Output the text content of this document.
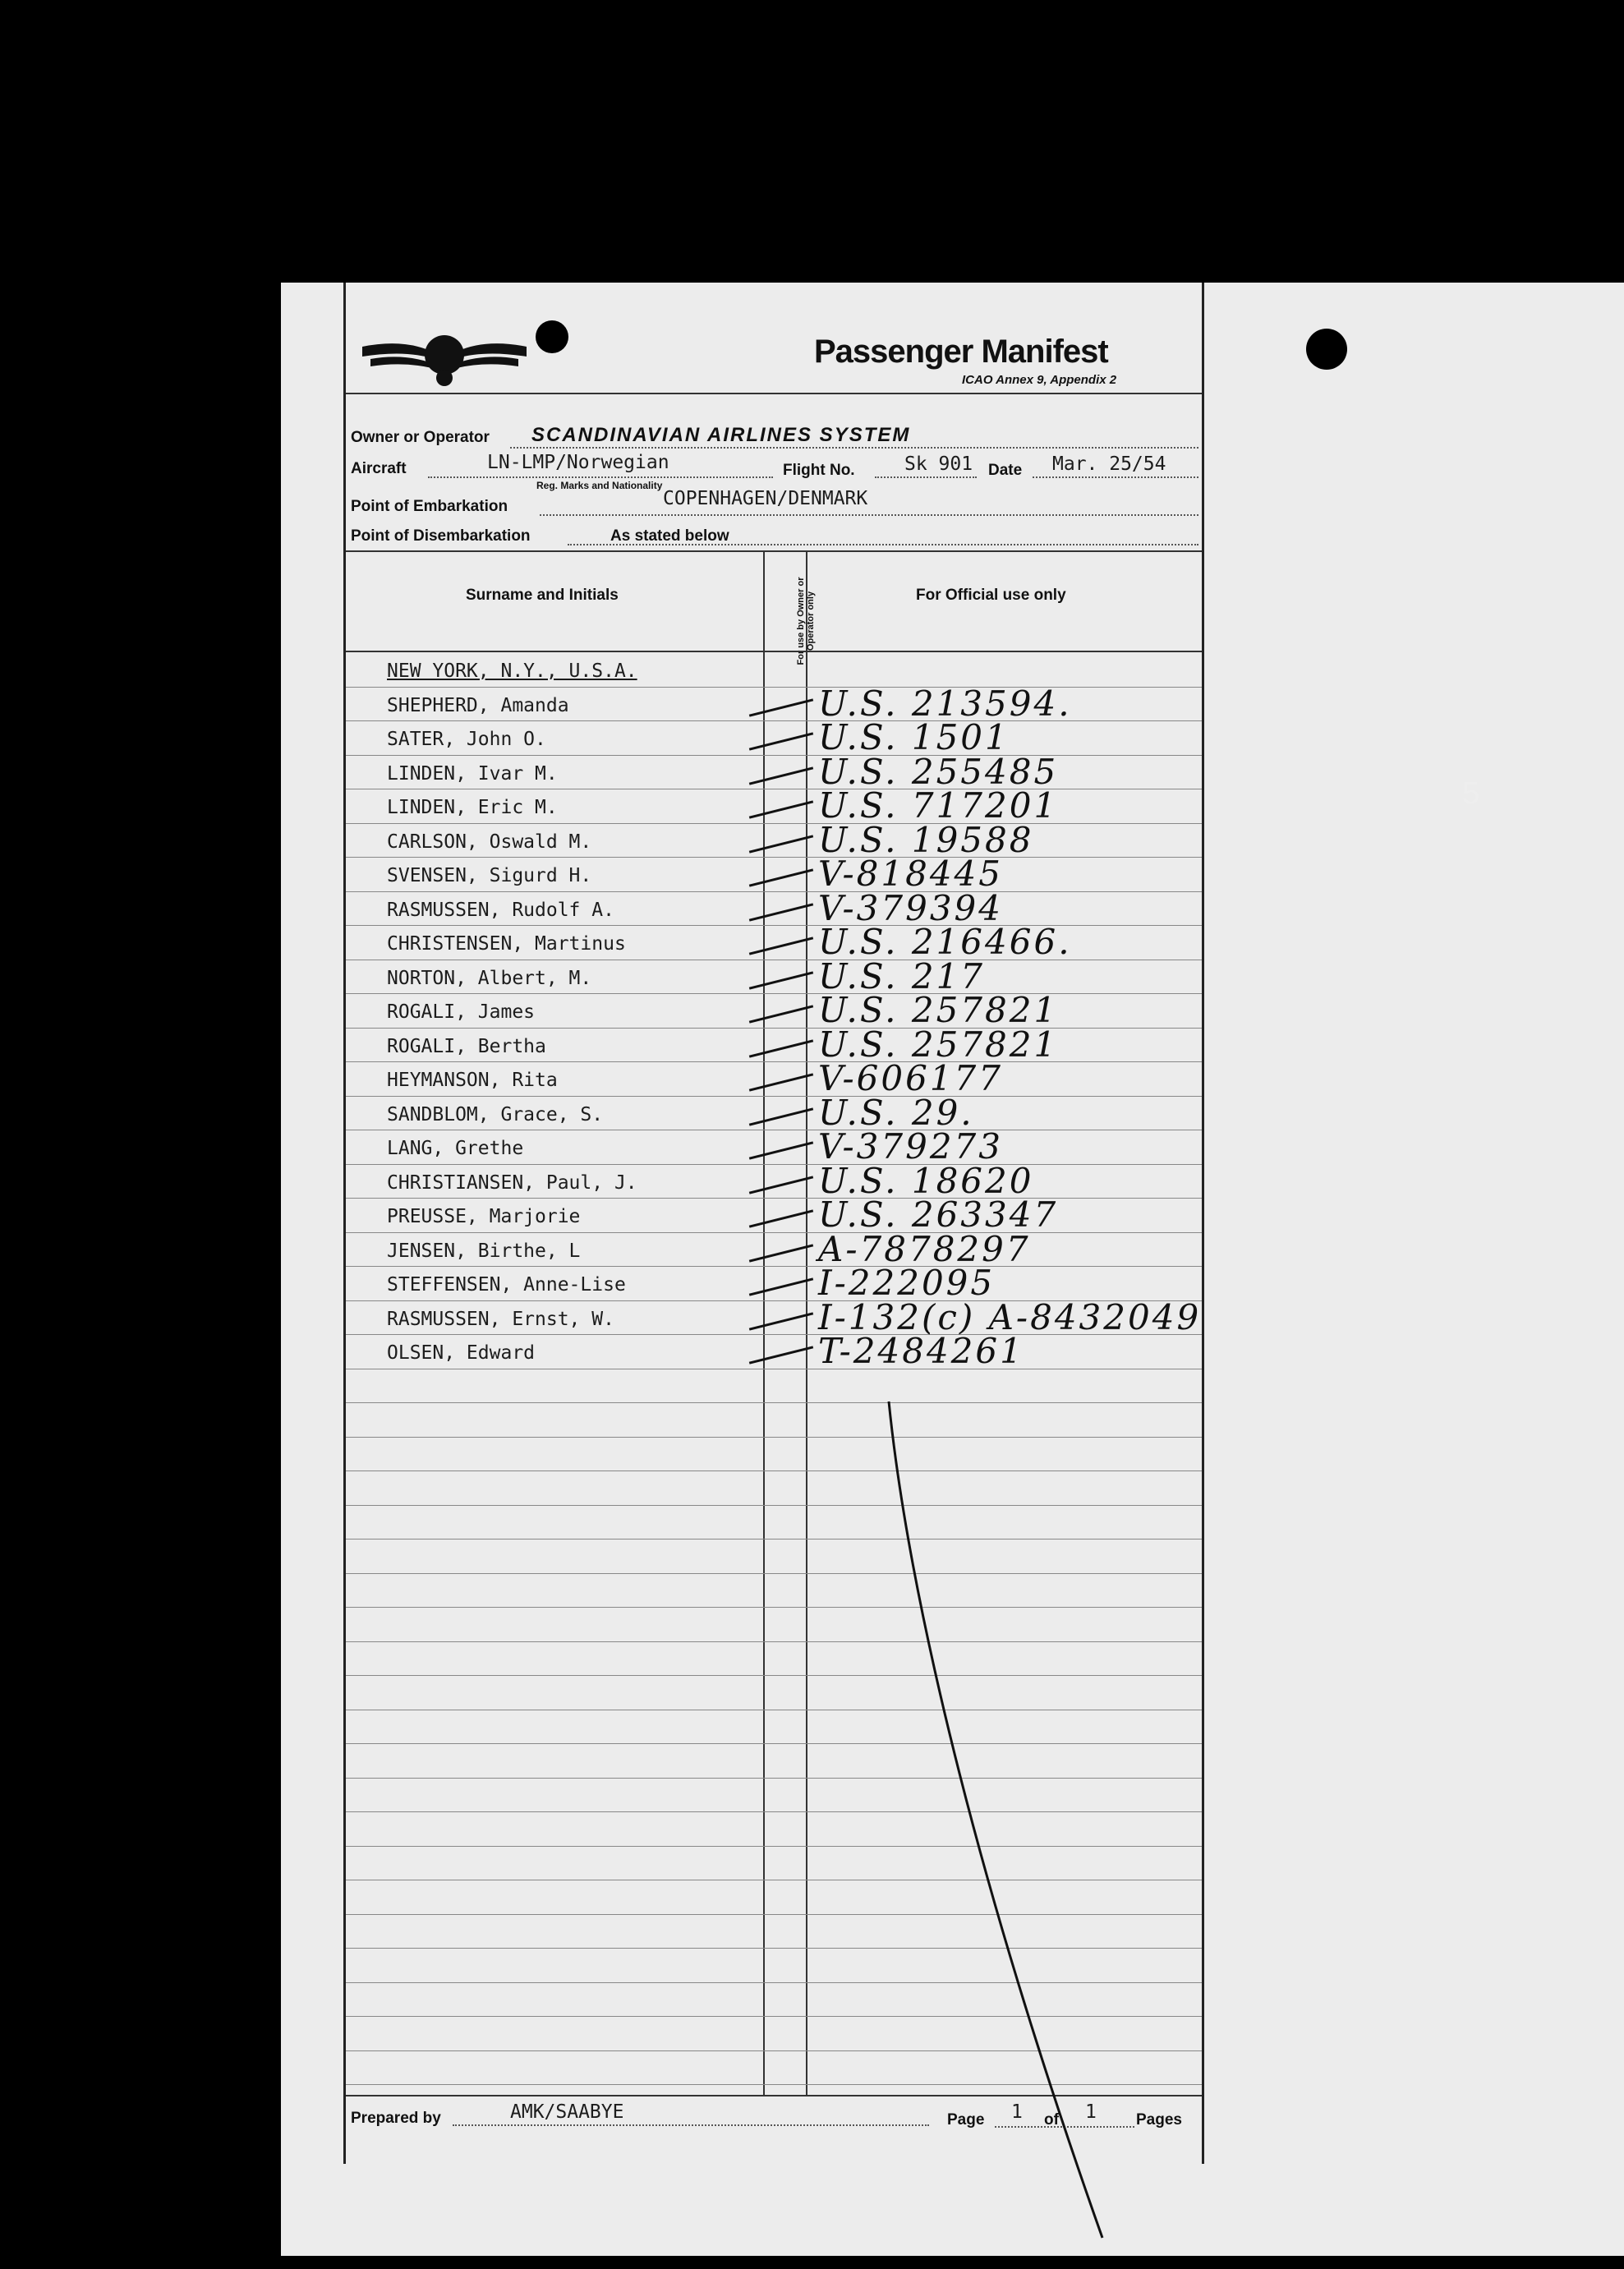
Passenger Manifest
ICAO Annex 9, Appendix 2
Owner or Operator SCANDINAVIAN AIRLINES SYSTEM
Aircraft	LN-LMP/Norwegian
Reg. Marks and Nationality
Flight No.	Sk 901 Date Mar. 25/54
Point of Embarkation	COPENHAGEN/DENMARK
Point of Disembarkation	As stated below
Surname and Initials	For use by Owner or Operator only	For Official use only
NEW YORK, N.Y., U.S.A.
SHEPHERD, Amanda	U.S. 213594.
SATER, John O.	U.S. 1501
LINDEN, Ivar M.	U.S. 255485
LINDEN, Eric M.	U.S. 717201
CARLSON, Oswald M.	U.S. 19588
SVENSEN, Sigurd H.	V-818445
RASMUSSEN, Rudolf A.	V-379394
CHRISTENSEN, Martinus	U.S. 216466.
NORTON, Albert, M.	U.S. 217
ROGALI, James	U.S. 257821
ROGALI, Bertha	U.S. 257821
HEYMANSON, Rita	V-606177
SANDBLOM, Grace, S.	U.S. 29.
LANG, Grethe	V-379273
CHRISTIANSEN, Paul, J.	U.S. 18620
PREUSSE, Marjorie	U.S. 263347
JENSEN, Birthe, L	A-7878297
STEFFENSEN, Anne-Lise	I-222095
RASMUSSEN, Ernst, W.	I-132(c) A-8432049
OLSEN, Edward	T-2484261
Prepared by	AMK/SAABYE	Page 1 of 1	Pages
5
